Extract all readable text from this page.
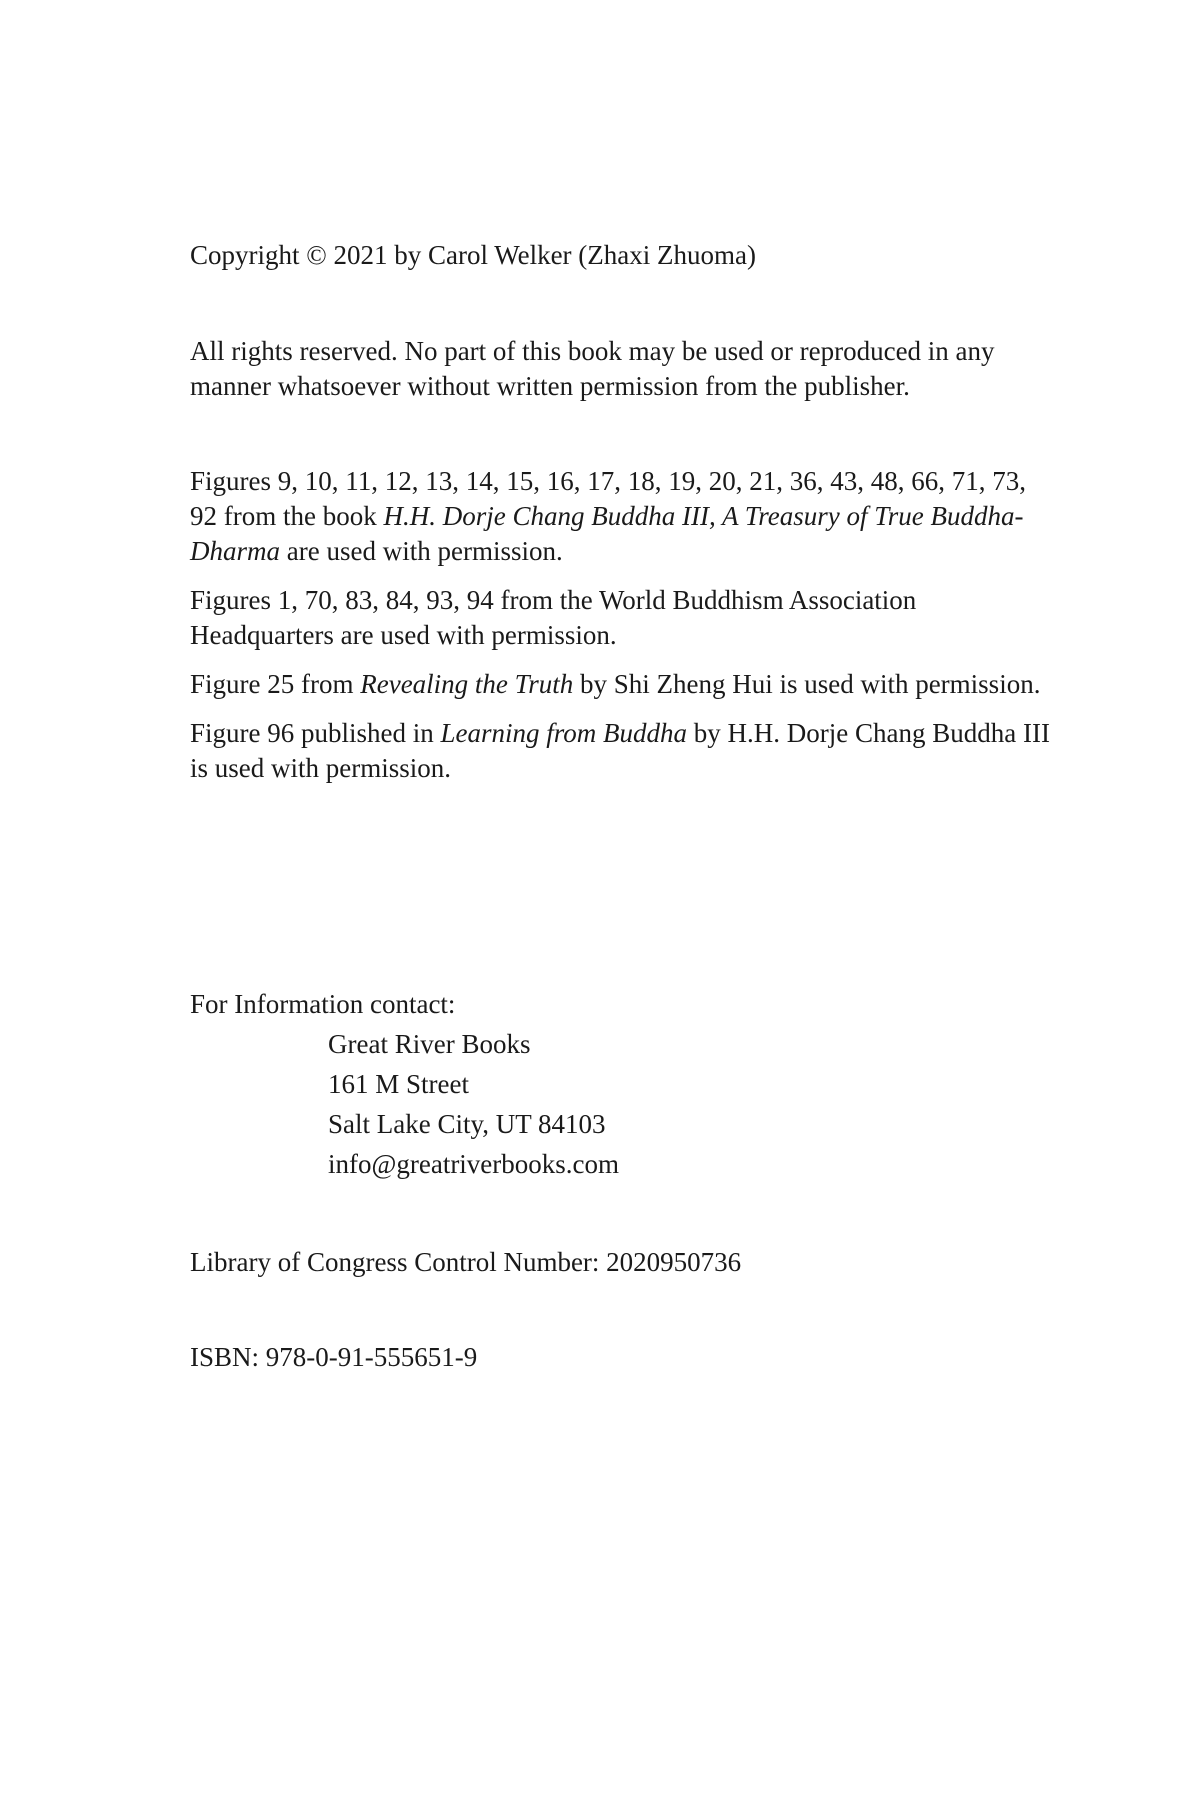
Copyright © 2021 by Carol Welker (Zhaxi Zhuoma)

All rights reserved. No part of this book may be used or reproduced in any manner whatsoever without written permission from the publisher.

Figures 9, 10, 11, 12, 13, 14, 15, 16, 17, 18, 19, 20, 21, 36, 43, 48, 66, 71, 73, 92 from the book H.H. Dorje Chang Buddha III, A Treasury of True Buddha-Dharma are used with permission.

Figures 1, 70, 83, 84, 93, 94 from the World Buddhism Association Headquarters are used with permission.

Figure 25 from Revealing the Truth by Shi Zheng Hui is used with permission.

Figure 96 published in Learning from Buddha by H.H. Dorje Chang Buddha III is used with permission.

For Information contact:
Great River Books
161 M Street
Salt Lake City, UT 84103
info@greatriverbooks.com

Library of Congress Control Number: 2020950736

ISBN: 978-0-91-555651-9
